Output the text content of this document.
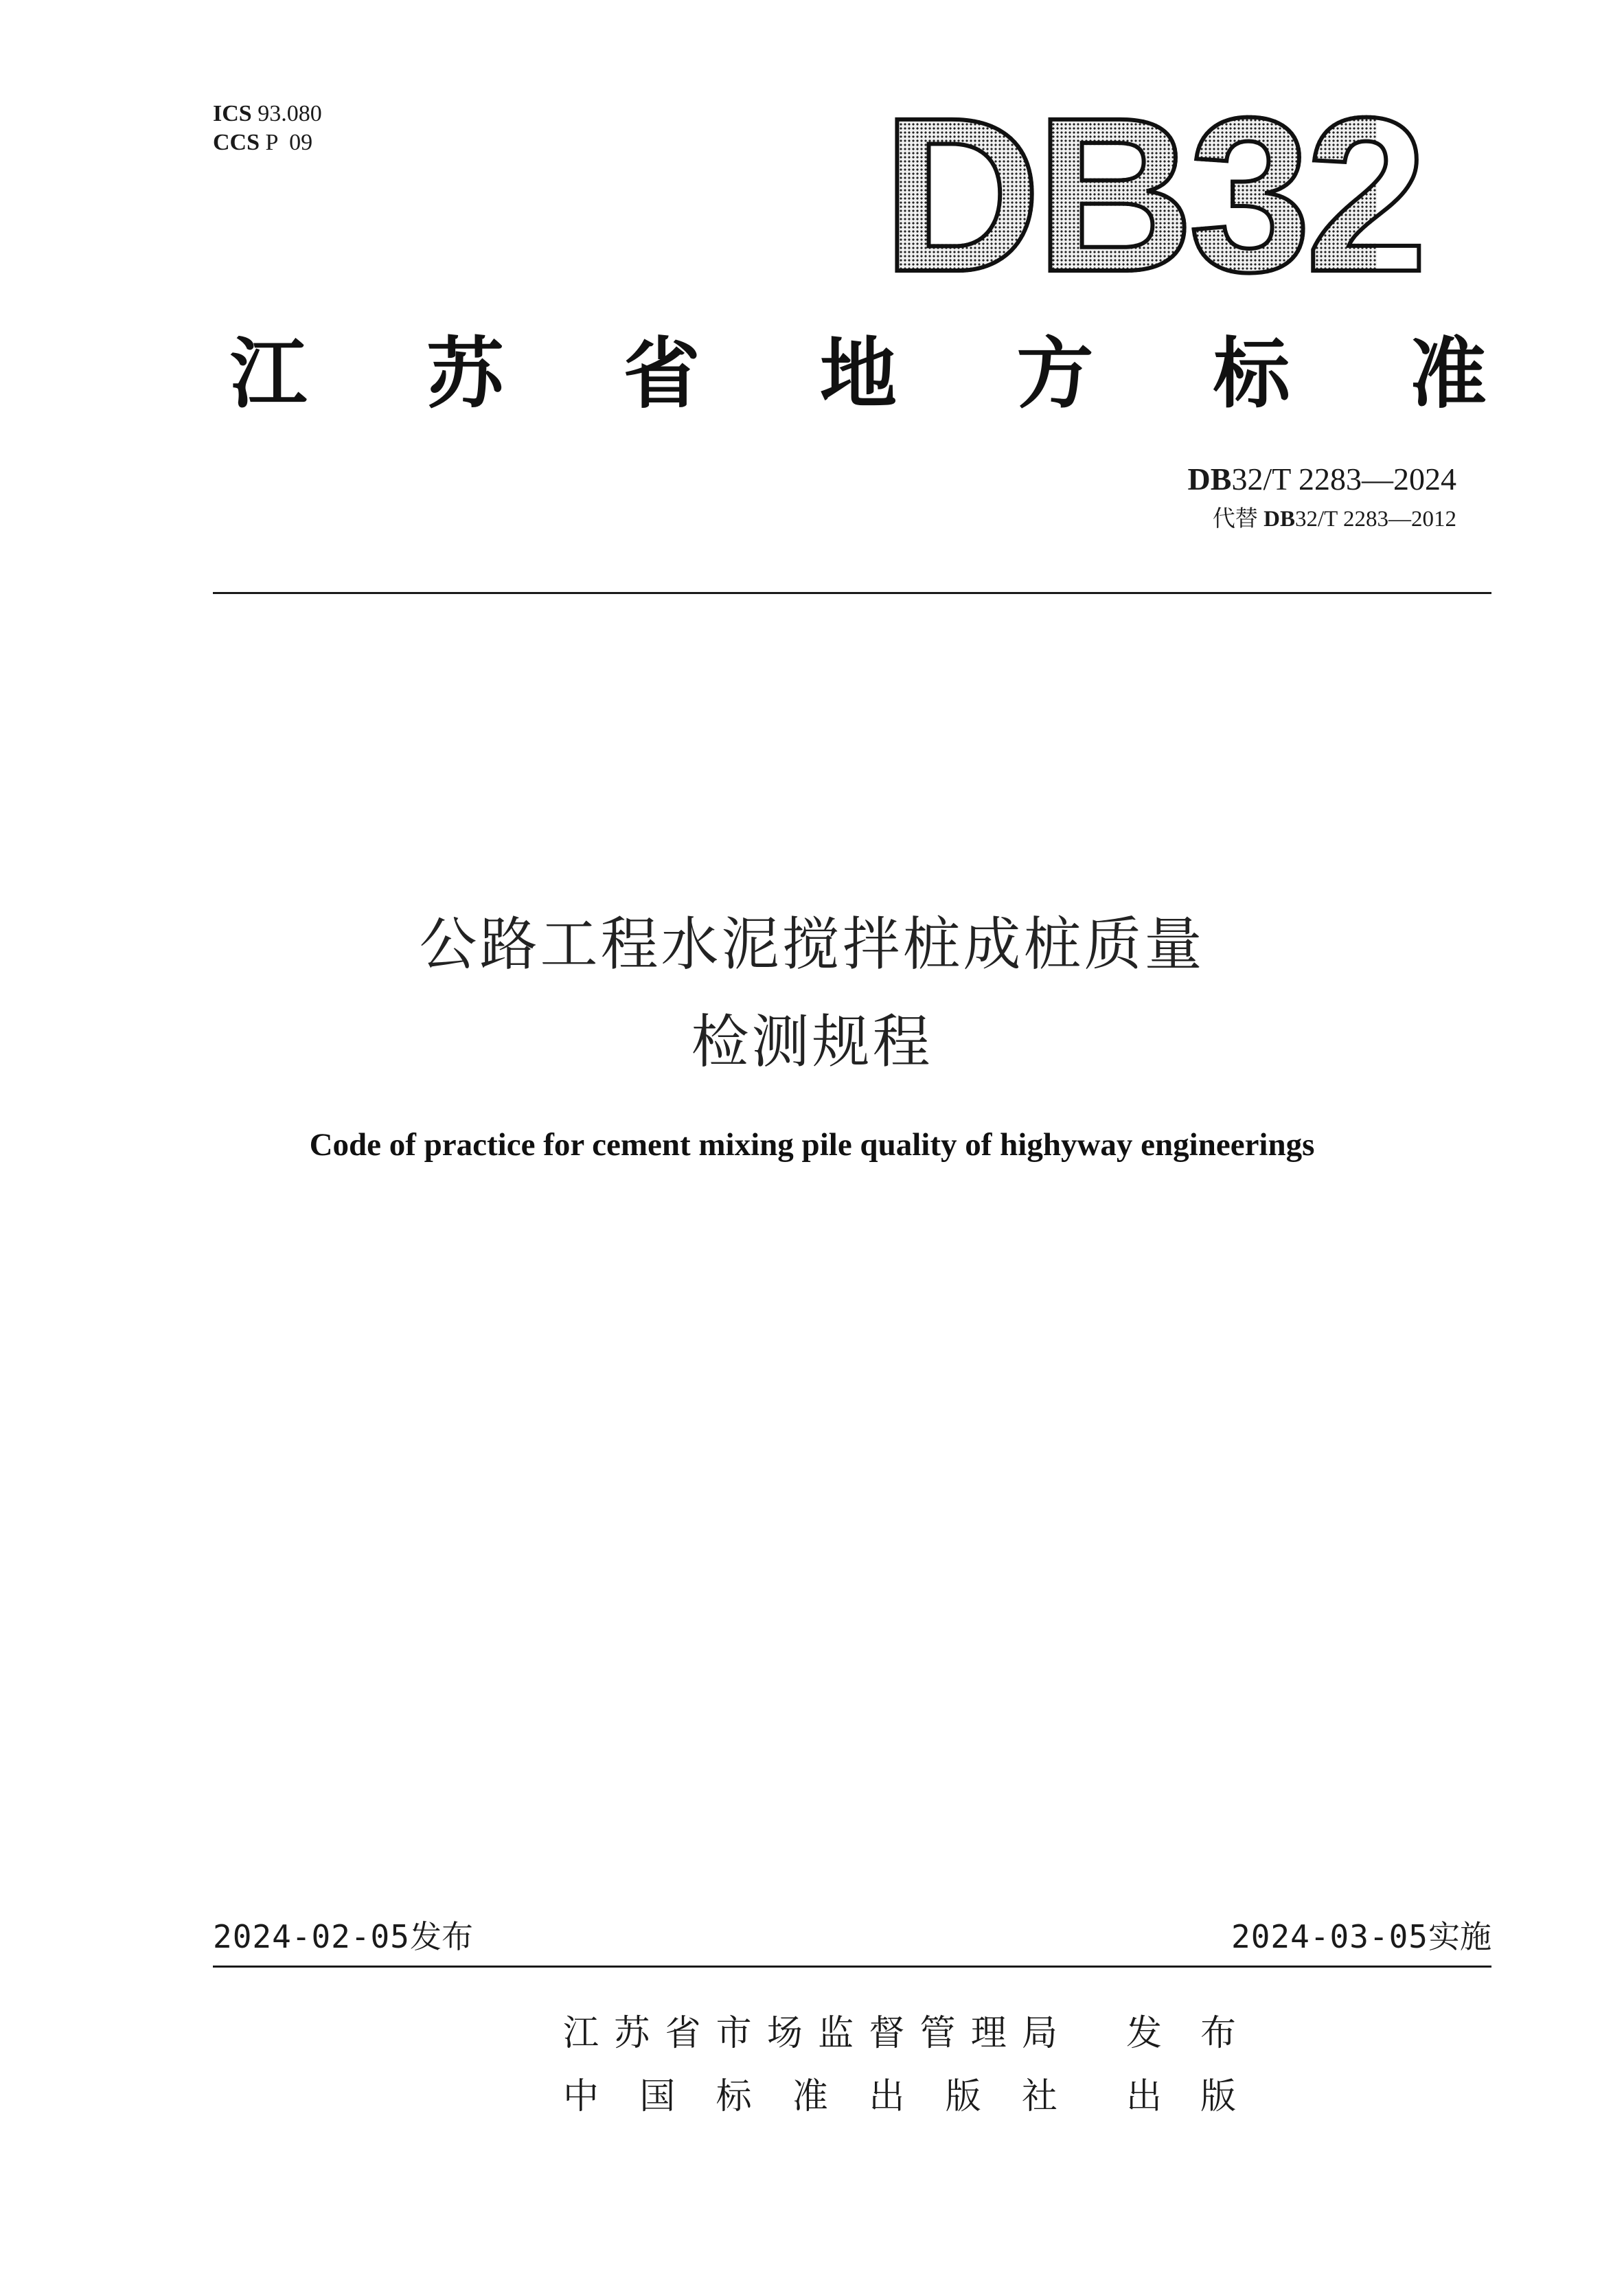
ICS 93.080
CCS P  09	DB32
江 苏 省 地 方 标 准
DB32/T 2283—2024
代替 DB32/T 2283—2012
公路工程水泥搅拌桩成桩质量
检测规程
Code of practice for cement mixing pile quality of highyway engineerings
2024-02-05发布	2024-03-05实施
江 苏 省 市 场 监 督 管 理 局 发 布
中 国 标 准 出 版 社 出 版
